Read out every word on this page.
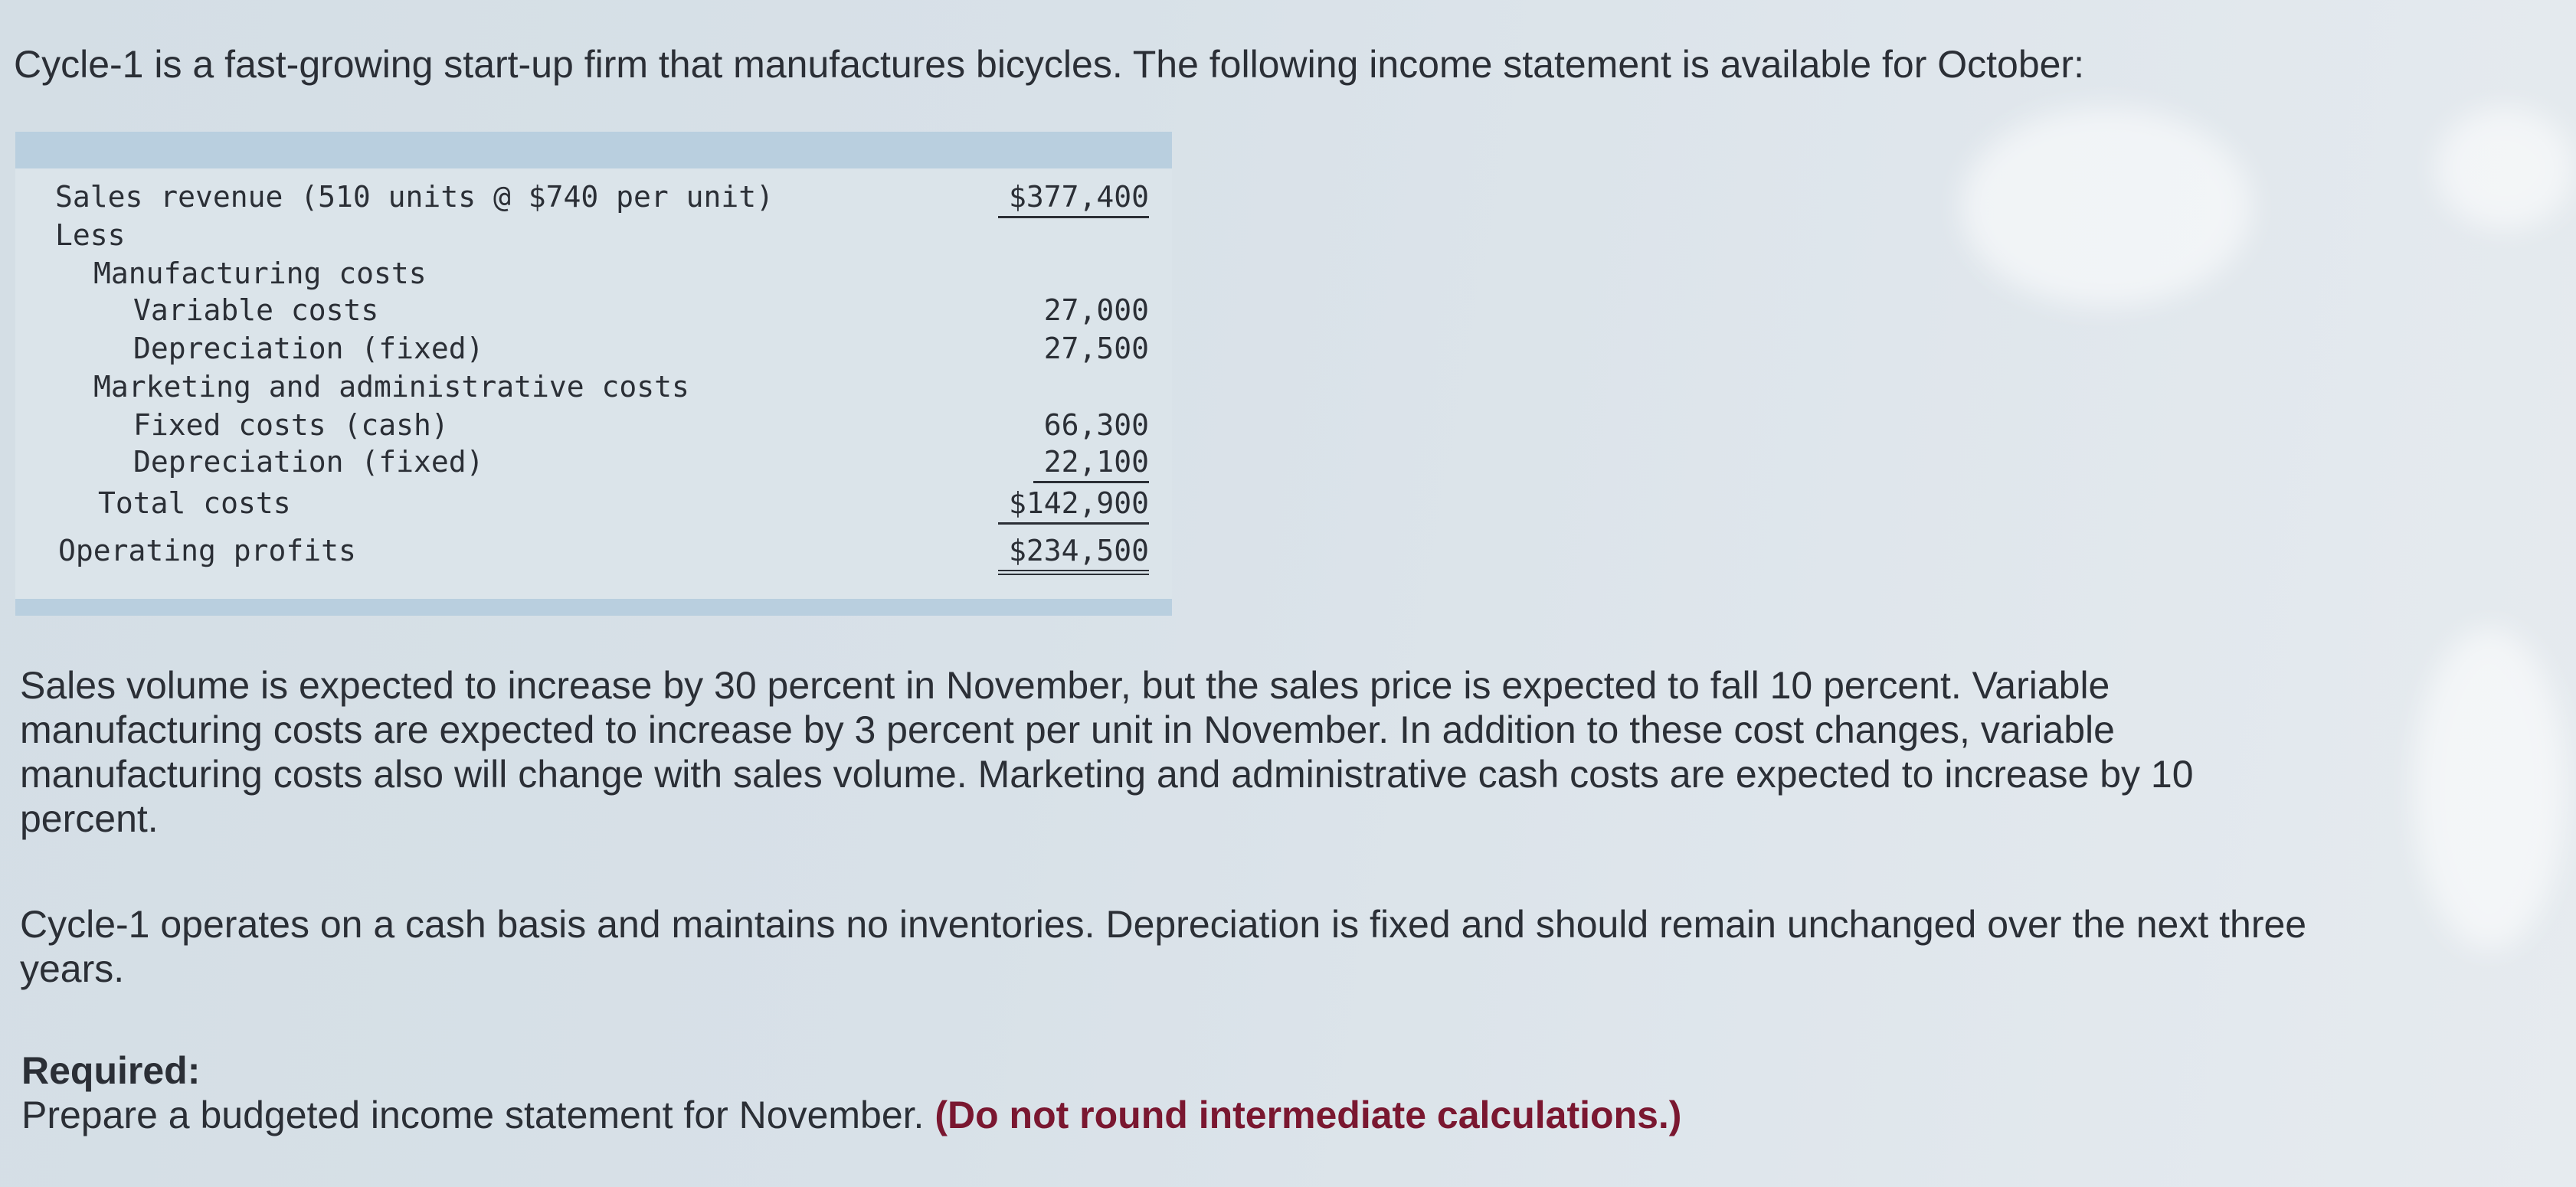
Cycle-1 is a fast-growing start-up firm that manufactures bicycles. The following income statement is available for October:
Sales revenue (510 units @ $740 per unit)	$377,400
Less
Manufacturing costs
Variable costs	27,000
Depreciation (fixed)	27,500
Marketing and administrative costs
Fixed costs (cash)	66,300
Depreciation (fixed)	22,100
Total costs	$142,900
Operating profits	$234,500
Sales volume is expected to increase by 30 percent in November, but the sales price is expected to fall 10 percent. Variable
manufacturing costs are expected to increase by 3 percent per unit in November. In addition to these cost changes, variable
manufacturing costs also will change with sales volume. Marketing and administrative cash costs are expected to increase by 10
percent.
Cycle-1 operates on a cash basis and maintains no inventories. Depreciation is fixed and should remain unchanged over the next three
years.
Required:
Prepare a budgeted income statement for November. (Do not round intermediate calculations.)
